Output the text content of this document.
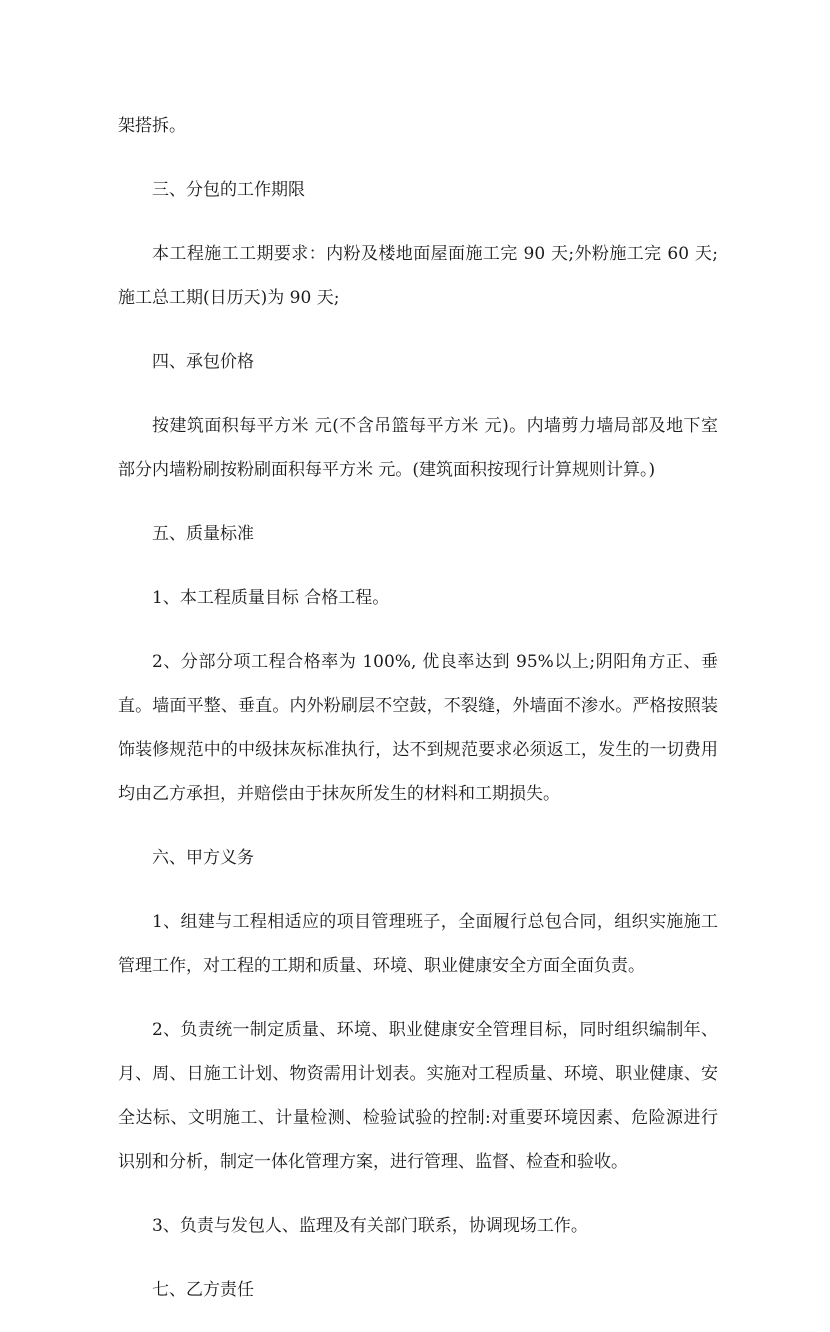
架搭拆。

三、分包的工作期限

本工程施工工期要求：内粉及楼地面屋面施工完 90 天;外粉施工完 60 天;施工总工期(日历天)为 90 天;

四、承包价格

按建筑面积每平方米 元(不含吊篮每平方米 元)。内墙剪力墙局部及地下室部分内墙粉刷按粉刷面积每平方米 元。(建筑面积按现行计算规则计算。)

五、质量标准

1、本工程质量目标 合格工程。

2、分部分项工程合格率为 100%, 优良率达到 95%以上;阴阳角方正、垂直。墙面平整、垂直。内外粉刷层不空鼓，不裂缝，外墙面不渗水。严格按照装饰装修规范中的中级抹灰标准执行，达不到规范要求必须返工，发生的一切费用均由乙方承担，并赔偿由于抹灰所发生的材料和工期损失。

六、甲方义务

1、组建与工程相适应的项目管理班子，全面履行总包合同，组织实施施工管理工作，对工程的工期和质量、环境、职业健康安全方面全面负责。

2、负责统一制定质量、环境、职业健康安全管理目标，同时组织编制年、月、周、日施工计划、物资需用计划表。实施对工程质量、环境、职业健康、安全达标、文明施工、计量检测、检验试验的控制:对重要环境因素、危险源进行识别和分析，制定一体化管理方案，进行管理、监督、检查和验收。

3、负责与发包人、监理及有关部门联系，协调现场工作。

七、乙方责任
